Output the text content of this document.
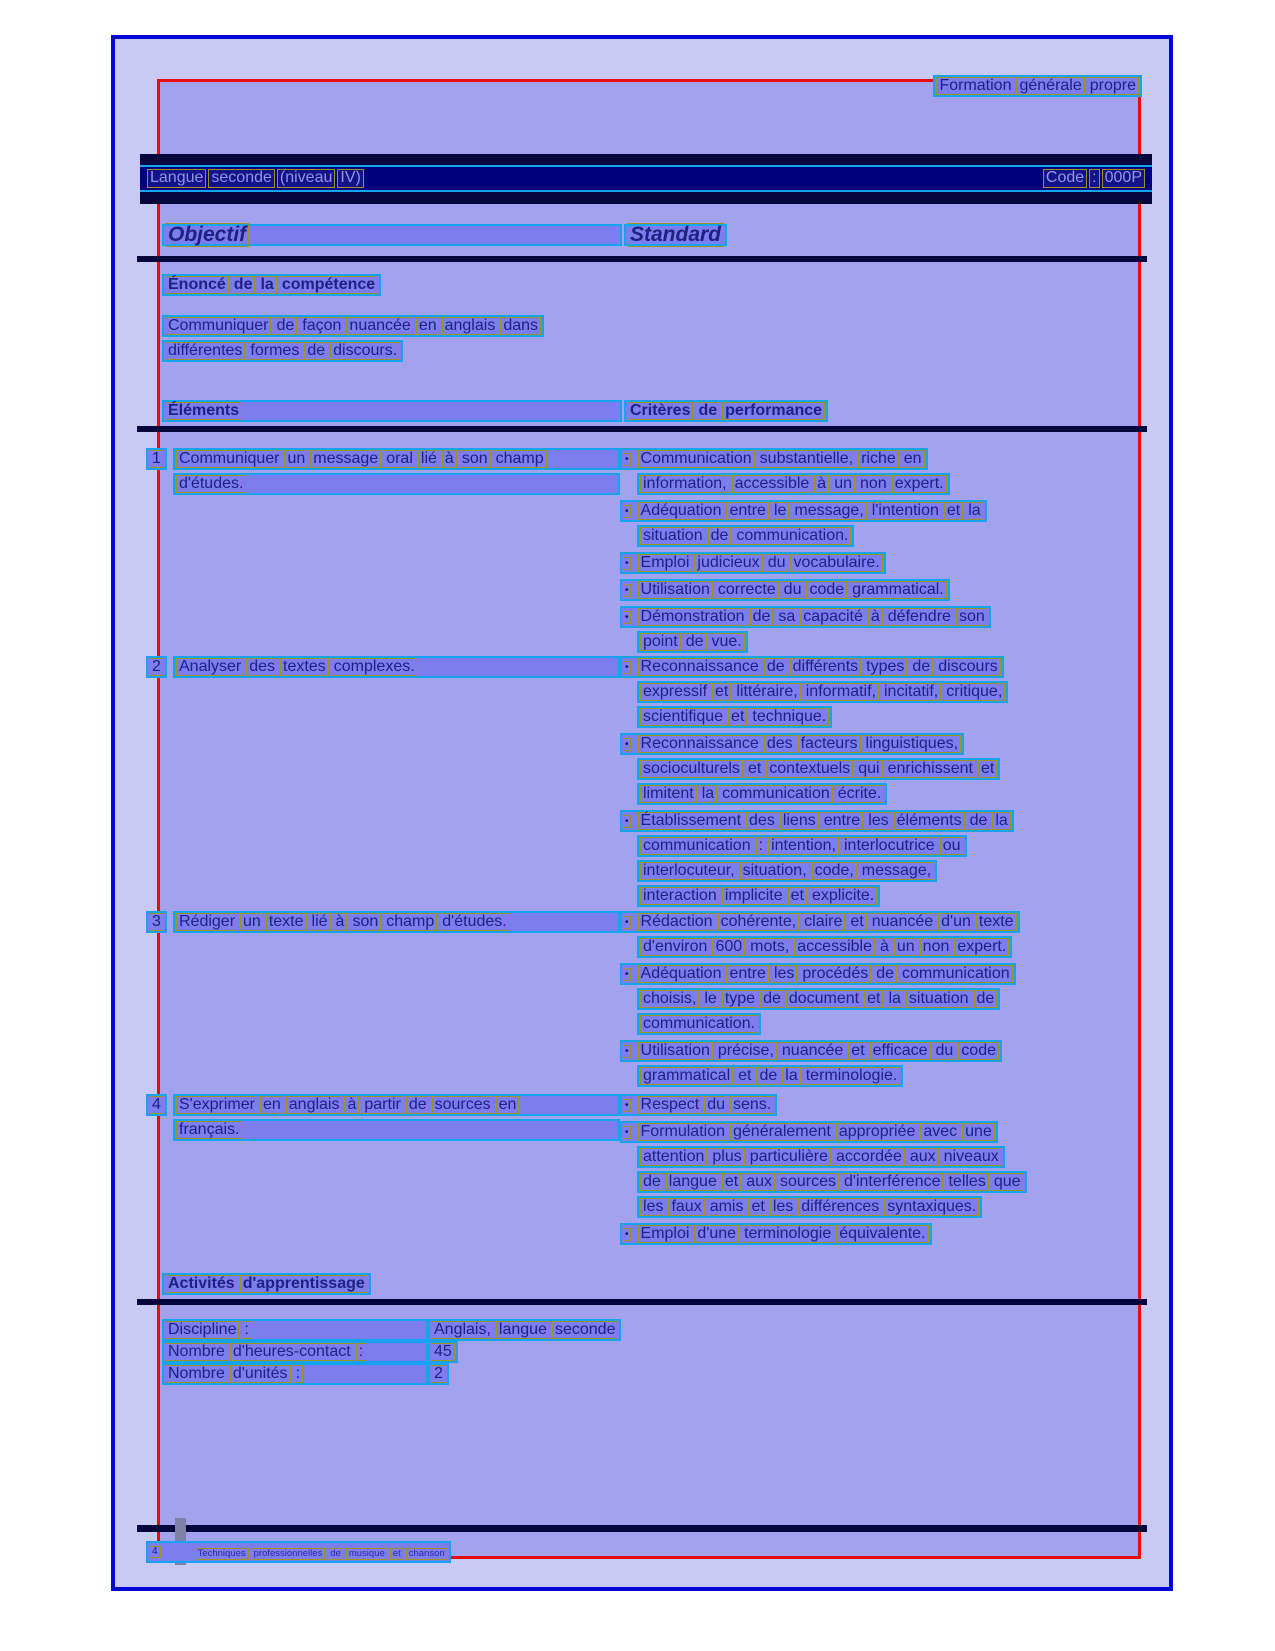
Formation générale propre
Langue seconde (niveau IV)	Code : 000P
Objectif	Standard
Énoncé de la compétence
Communiquer de façon nuancée en anglais dans
différentes formes de discours.
Éléments	Critères de performance
1 Communiquer un message oral lié à son champ
d'études.
• Communication substantielle, riche en
information, accessible à un non expert.
• Adéquation entre le message, l'intention et la
situation de communication.
• Emploi judicieux du vocabulaire.
• Utilisation correcte du code grammatical.
• Démonstration de sa capacité à défendre son
point de vue.
2 Analyser des textes complexes.	• Reconnaissance de différents types de discours
expressif et littéraire, informatif, incitatif, critique,
scientifique et technique.
• Reconnaissance des facteurs linguistiques,
socioculturels et contextuels qui enrichissent et
limitent la communication écrite.
• Établissement des liens entre les éléments de la
communication : intention, interlocutrice ou
interlocuteur, situation, code, message,
interaction implicite et explicite.
3 Rédiger un texte lié à son champ d'études.	• Rédaction cohérente, claire et nuancée d'un texte
d'environ 600 mots, accessible à un non expert.
• Adéquation entre les procédés de communication
choisis, le type de document et la situation de
communication.
• Utilisation précise, nuancée et efficace du code
grammatical et de la terminologie.
4 S'exprimer en anglais à partir de sources en
français.
• Respect du sens.
• Formulation généralement appropriée avec une
attention plus particulière accordée aux niveaux
de langue et aux sources d'interférence telles que
les faux amis et les différences syntaxiques.
• Emploi d'une terminologie équivalente.
Activités d'apprentissage
Discipline :	Anglais, langue seconde
Nombre d'heures-contact :	45
Nombre d'unités :	2
4	Techniques professionnelles de musique et chanson
